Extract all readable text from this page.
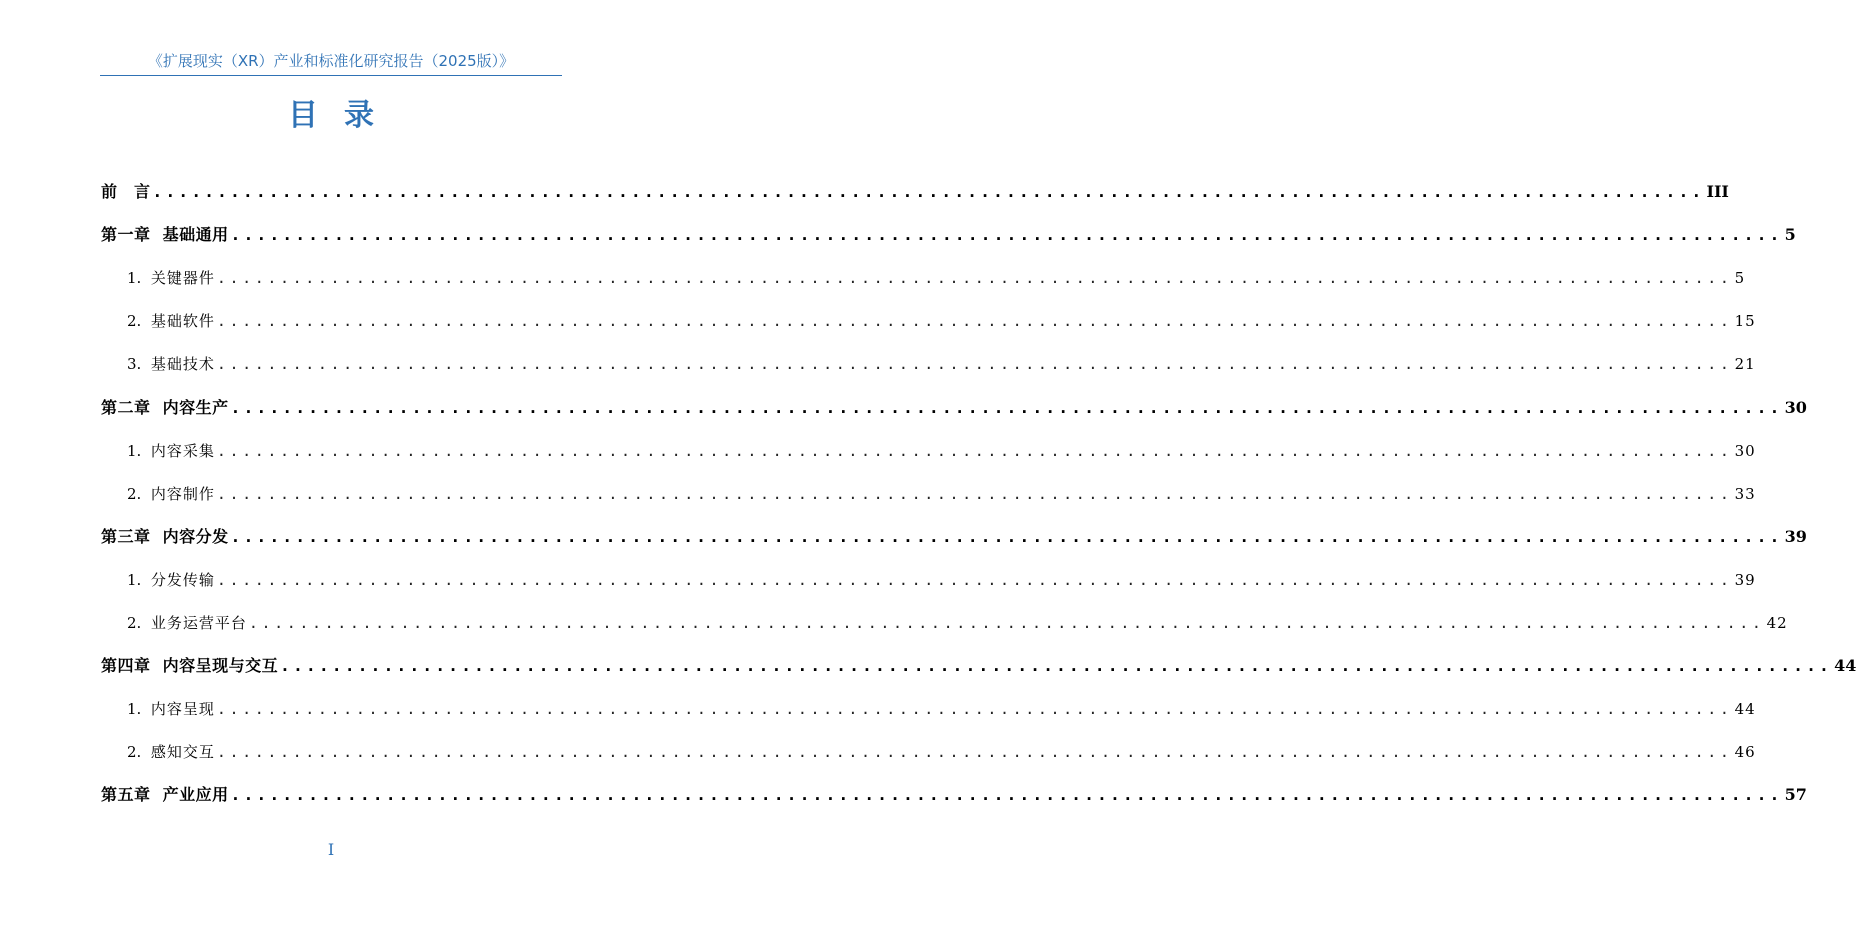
《扩展现实（XR）产业和标准化研究报告（2025版）》
目录
前　言 ........................................................................................................................ III
第一章  基础通用 ........................................................................................................................ 5
1. 关键器件 ........................................................................................................................ 5
2. 基础软件 ........................................................................................................................ 15
3. 基础技术 ........................................................................................................................ 21
第二章  内容生产 ........................................................................................................................ 30
1. 内容采集 ........................................................................................................................ 30
2. 内容制作 ........................................................................................................................ 33
第三章  内容分发 ........................................................................................................................ 39
1. 分发传输 ........................................................................................................................ 39
2. 业务运营平台 ........................................................................................................................ 42
第四章  内容呈现与交互 ........................................................................................................................ 44
1. 内容呈现 ........................................................................................................................ 44
2. 感知交互 ........................................................................................................................ 46
第五章  产业应用 ........................................................................................................................ 57
I
